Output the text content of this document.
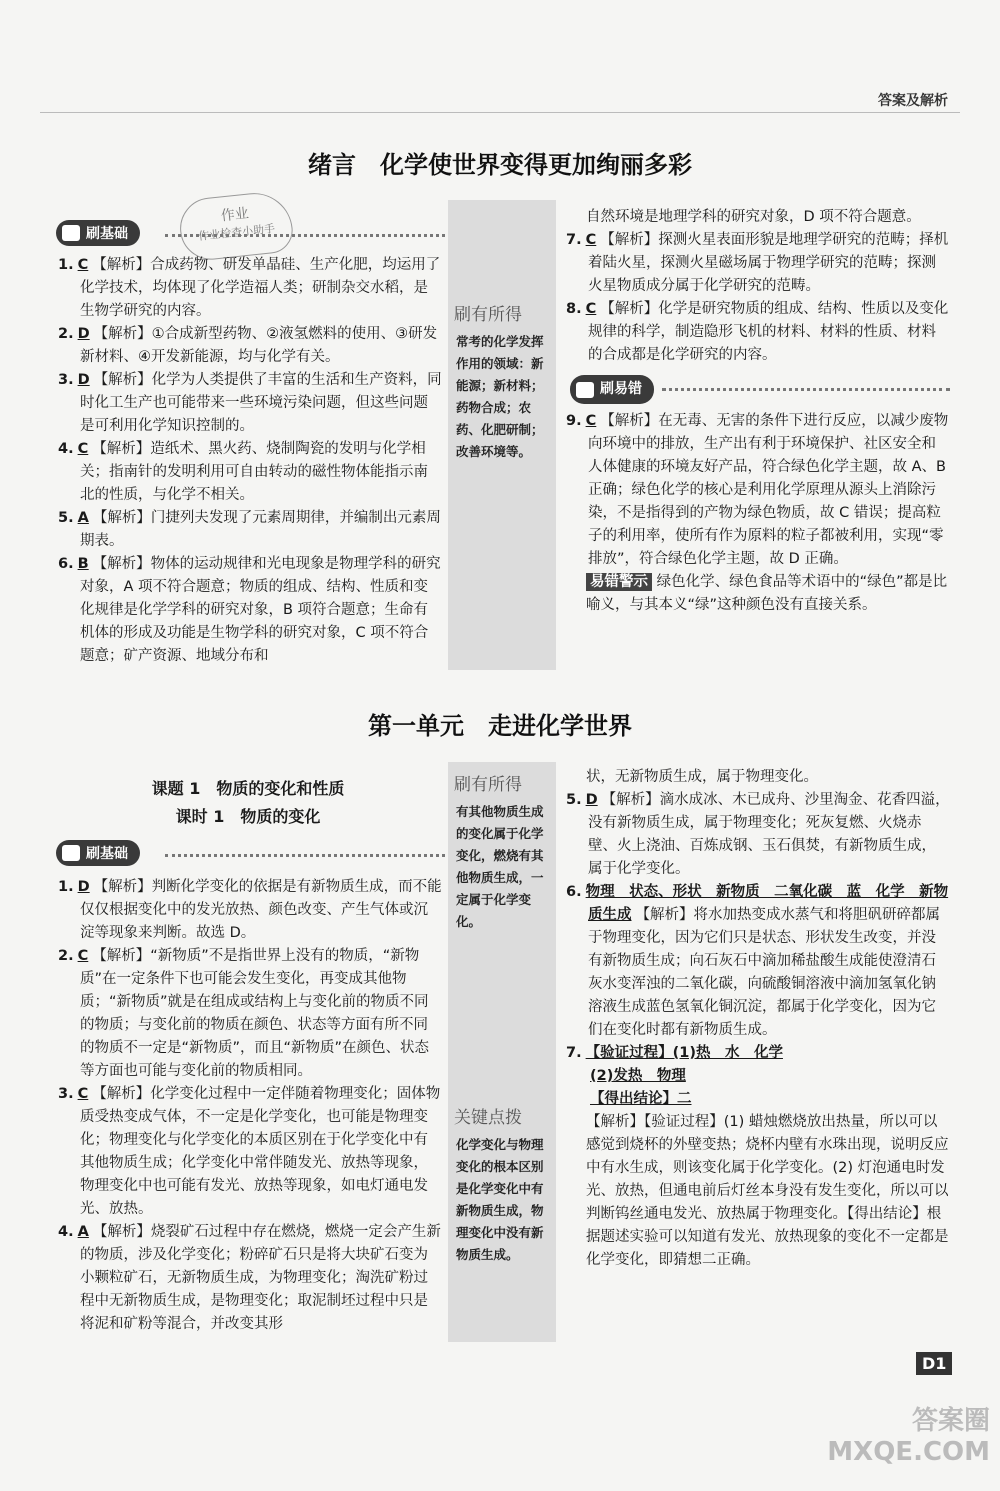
答案及解析
绪言　化学使世界变得更加绚丽多彩
作业
作业检查小助手
刷基础

1. C 【解析】合成药物、研发单晶硅、生产化肥，均运用了化学技术，均体现了化学造福人类；研制杂交水稻，是生物学研究的内容。

2. D 【解析】①合成新型药物、②液氢燃料的使用、③研发新材料、④开发新能源，均与化学有关。

3. D 【解析】化学为人类提供了丰富的生活和生产资料，同时化工生产也可能带来一些环境污染问题，但这些问题是可利用化学知识控制的。

4. C 【解析】造纸术、黑火药、烧制陶瓷的发明与化学相关；指南针的发明利用可自由转动的磁性物体能指示南北的性质，与化学不相关。

5. A 【解析】门捷列夫发现了元素周期律，并编制出元素周期表。

6. B 【解析】物体的运动规律和光电现象是物理学科的研究对象，A 项不符合题意；物质的组成、结构、性质和变化规律是化学学科的研究对象，B 项符合题意；生命有机体的形成及功能是生物学科的研究对象，C 项不符合题意；矿产资源、地域分布和

刷有所得
常考的化学发挥作用的领域：新能源；新材料；药物合成；农药、化肥研制；改善环境等。

自然环境是地理学科的研究对象，D 项不符合题意。

7. C 【解析】探测火星表面形貌是地理学研究的范畴；择机着陆火星，探测火星磁场属于物理学研究的范畴；探测火星物质成分属于化学研究的范畴。

8. C 【解析】化学是研究物质的组成、结构、性质以及变化规律的科学，制造隐形飞机的材料、材料的性质、材料的合成都是化学研究的内容。

刷易错

9. C 【解析】在无毒、无害的条件下进行反应，以减少废物向环境中的排放，生产出有利于环境保护、社区安全和人体健康的环境友好产品，符合绿色化学主题，故 A、B 正确；绿色化学的核心是利用化学原理从源头上消除污染，不是指得到的产物为绿色物质，故 C 错误；提高粒子的利用率，使所有作为原料的粒子都被利用，实现“零排放”，符合绿色化学主题，故 D 正确。

易错警示 绿色化学、绿色食品等术语中的“绿色”都是比喻义，与其本义“绿”这种颜色没有直接关系。

第一单元　走进化学世界
课题 1　物质的变化和性质
课时 1　物质的变化
刷基础

1. D 【解析】判断化学变化的依据是有新物质生成，而不能仅仅根据变化中的发光放热、颜色改变、产生气体或沉淀等现象来判断。故选 D。

2. C 【解析】“新物质”不是指世界上没有的物质，“新物质”在一定条件下也可能会发生变化，再变成其他物质；“新物质”就是在组成或结构上与变化前的物质不同的物质；与变化前的物质在颜色、状态等方面有所不同的物质不一定是“新物质”，而且“新物质”在颜色、状态等方面也可能与变化前的物质相同。

3. C 【解析】化学变化过程中一定伴随着物理变化；固体物质受热变成气体，不一定是化学变化，也可能是物理变化；物理变化与化学变化的本质区别在于化学变化中有其他物质生成；化学变化中常伴随发光、放热等现象，物理变化中也可能有发光、放热等现象，如电灯通电发光、放热。

4. A 【解析】烧裂矿石过程中存在燃烧，燃烧一定会产生新的物质，涉及化学变化；粉碎矿石只是将大块矿石变为小颗粒矿石，无新物质生成，为物理变化；淘洗矿粉过程中无新物质生成，是物理变化；取泥制坯过程中只是将泥和矿粉等混合，并改变其形

刷有所得
有其他物质生成的变化属于化学变化，燃烧有其他物质生成，一定属于化学变化。
关键点拨
化学变化与物理变化的根本区别是化学变化中有新物质生成，物理变化中没有新物质生成。

状，无新物质生成，属于物理变化。

5. D 【解析】滴水成冰、木已成舟、沙里淘金、花香四溢，没有新物质生成，属于物理变化；死灰复燃、火烧赤壁、火上浇油、百炼成钢、玉石俱焚，有新物质生成，属于化学变化。

6. 物理　状态、形状　新物质　二氧化碳　蓝　化学　新物质生成 【解析】将水加热变成水蒸气和将胆矾研碎都属于物理变化，因为它们只是状态、形状发生改变，并没有新物质生成；向石灰石中滴加稀盐酸生成能使澄清石灰水变浑浊的二氧化碳，向硫酸铜溶液中滴加氢氧化钠溶液生成蓝色氢氧化铜沉淀，都属于化学变化，因为它们在变化时都有新物质生成。

7. 【验证过程】(1)热　水　化学

(2)发热　物理

【得出结论】二

【解析】【验证过程】(1) 蜡烛燃烧放出热量，所以可以感觉到烧杯的外壁变热；烧杯内壁有水珠出现，说明反应中有水生成，则该变化属于化学变化。(2) 灯泡通电时发光、放热，但通电前后灯丝本身没有发生变化，所以可以判断钨丝通电发光、放热属于物理变化。【得出结论】根据题述实验可以知道有发光、放热现象的变化不一定都是化学变化，即猜想二正确。

D1
答案圈 MXQE.COM
